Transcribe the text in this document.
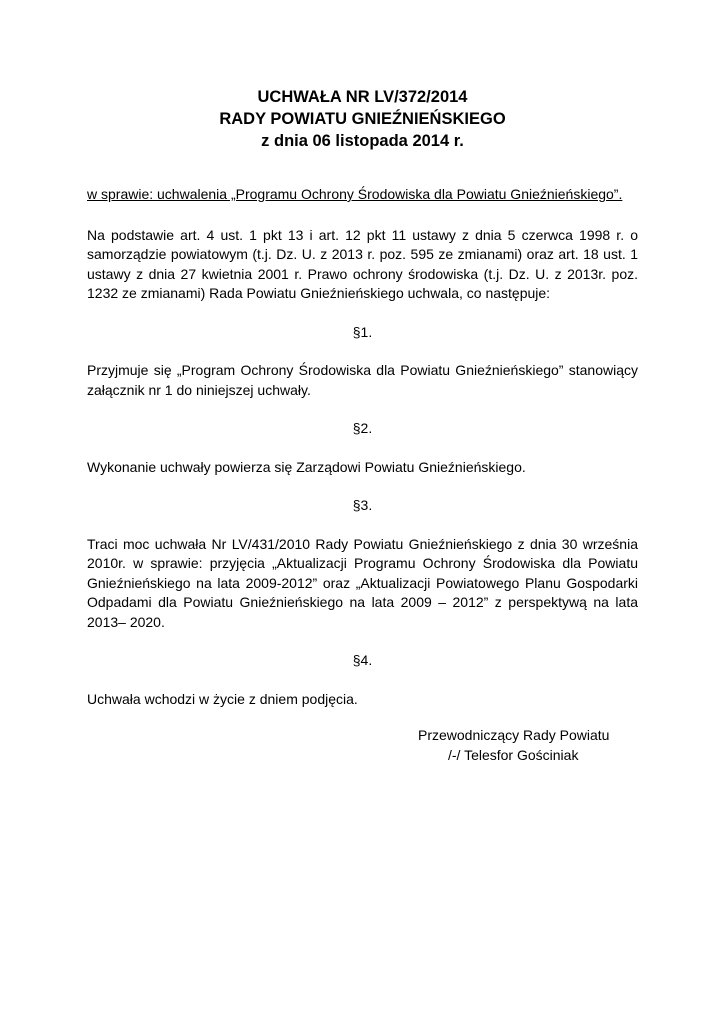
UCHWAŁA NR LV/372/2014
RADY POWIATU GNIEŹNIEŃSKIEGO
z dnia 06 listopada 2014 r.

w sprawie: uchwalenia „Programu Ochrony Środowiska dla Powiatu Gnieźnieńskiego”.

Na podstawie art. 4 ust. 1 pkt 13 i art. 12 pkt 11 ustawy z dnia 5 czerwca 1998 r. o samorządzie powiatowym (t.j. Dz. U. z 2013 r. poz. 595 ze zmianami) oraz art. 18 ust. 1 ustawy z dnia 27 kwietnia 2001 r. Prawo ochrony środowiska (t.j. Dz. U. z 2013r. poz. 1232 ze zmianami) Rada Powiatu Gnieźnieńskiego uchwala, co następuje:

§1.

Przyjmuje się „Program Ochrony Środowiska dla Powiatu Gnieźnieńskiego” stanowiący załącznik nr 1 do niniejszej uchwały.

§2.

Wykonanie uchwały powierza się Zarządowi Powiatu Gnieźnieńskiego.

§3.

Traci moc uchwała Nr LV/431/2010 Rady Powiatu Gnieźnieńskiego z dnia 30 września 2010r. w sprawie: przyjęcia „Aktualizacji Programu Ochrony Środowiska dla Powiatu Gnieźnieńskiego na lata 2009-2012” oraz „Aktualizacji Powiatowego Planu Gospodarki Odpadami dla Powiatu Gnieźnieńskiego na lata 2009 – 2012” z perspektywą na lata 2013– 2020.

§4.

Uchwała wchodzi w życie z dniem podjęcia.

Przewodniczący Rady Powiatu
/-/ Telesfor Gościniak
